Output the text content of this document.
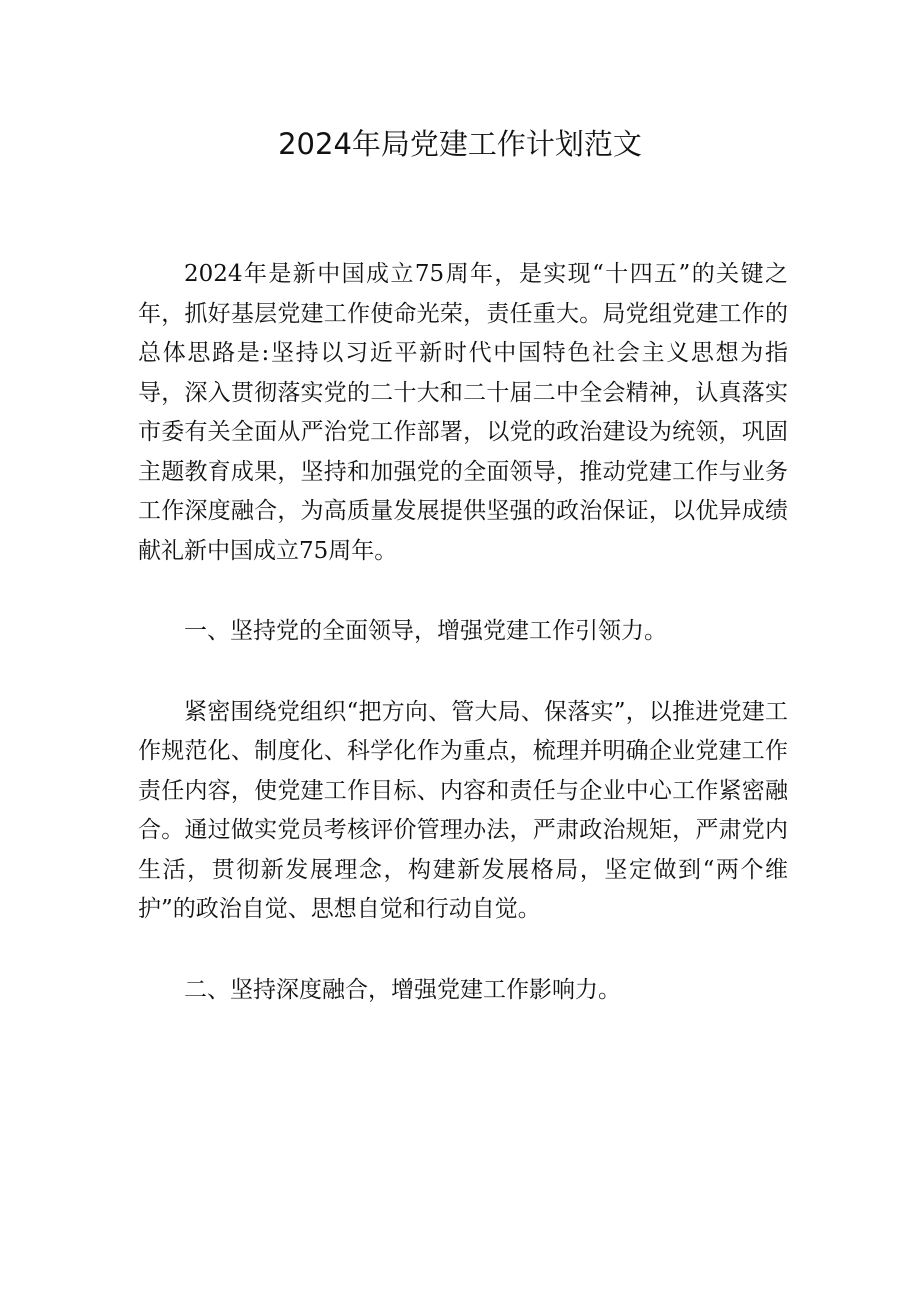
2024年局党建工作计划范文

2024年是新中国成立75周年，是实现“十四五”的关键之年，抓好基层党建工作使命光荣，责任重大。局党组党建工作的总体思路是:坚持以习近平新时代中国特色社会主义思想为指导，深入贯彻落实党的二十大和二十届二中全会精神，认真落实市委有关全面从严治党工作部署，以党的政治建设为统领，巩固主题教育成果，坚持和加强党的全面领导，推动党建工作与业务工作深度融合，为高质量发展提供坚强的政治保证，以优异成绩献礼新中国成立75周年。

一、坚持党的全面领导，增强党建工作引领力。

紧密围绕党组织“把方向、管大局、保落实”，以推进党建工作规范化、制度化、科学化作为重点，梳理并明确企业党建工作责任内容，使党建工作目标、内容和责任与企业中心工作紧密融合。通过做实党员考核评价管理办法，严肃政治规矩，严肃党内生活，贯彻新发展理念，构建新发展格局，坚定做到“两个维护”的政治自觉、思想自觉和行动自觉。

二、坚持深度融合，增强党建工作影响力。
